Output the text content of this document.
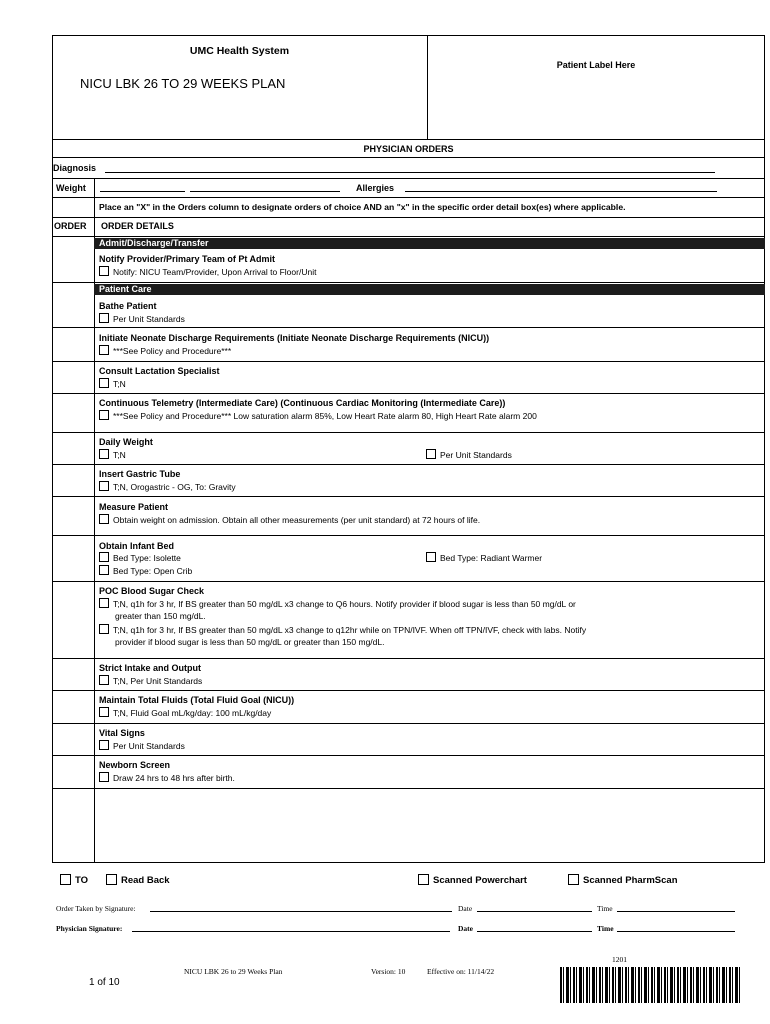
UMC Health System
NICU LBK 26 TO 29 WEEKS PLAN
Patient Label Here
PHYSICIAN ORDERS
Diagnosis
Weight	Allergies
Place an "X" in the Orders column to designate orders of choice AND an "x" in the specific order detail box(es) where applicable.
ORDER ORDER DETAILS
Admit/Discharge/Transfer
Notify Provider/Primary Team of Pt Admit
Notify: NICU Team/Provider, Upon Arrival to Floor/Unit
Patient Care
Bathe Patient
Per Unit Standards
Initiate Neonate Discharge Requirements (Initiate Neonate Discharge Requirements (NICU))
***See Policy and Procedure***
Consult Lactation Specialist
T;N
Continuous Telemetry (Intermediate Care) (Continuous Cardiac Monitoring (Intermediate Care))
***See Policy and Procedure*** Low saturation alarm 85%, Low Heart Rate alarm 80, High Heart Rate alarm 200
Daily Weight
T;N	Per Unit Standards
Insert Gastric Tube
T;N, Orogastric - OG, To: Gravity
Measure Patient
Obtain weight on admission. Obtain all other measurements (per unit standard) at 72 hours of life.
Obtain Infant Bed
Bed Type: Isolette	Bed Type: Radiant Warmer
Bed Type: Open Crib
POC Blood Sugar Check
T;N, q1h for 3 hr, If BS greater than 50 mg/dL x3 change to Q6 hours. Notify provider if blood sugar is less than 50 mg/dL or
greater than 150 mg/dL.
T;N, q1h for 3 hr, If BS greater than 50 mg/dL x3 change to q12hr while on TPN/IVF. When off TPN/IVF, check with labs. Notify
provider if blood sugar is less than 50 mg/dL or greater than 150 mg/dL.
Strict Intake and Output
T;N, Per Unit Standards
Maintain Total Fluids (Total Fluid Goal (NICU))
T;N, Fluid Goal mL/kg/day: 100 mL/kg/day
Vital Signs
Per Unit Standards
Newborn Screen
Draw 24 hrs to 48 hrs after birth.
TO	Read Back	Scanned Powerchart	Scanned PharmScan
Order Taken by Signature:	Date	Time
Physician Signature:	Date	Time
NICU LBK 26 to 29 Weeks Plan	Version: 10	Effective on: 11/14/22
1 of 10
1201
